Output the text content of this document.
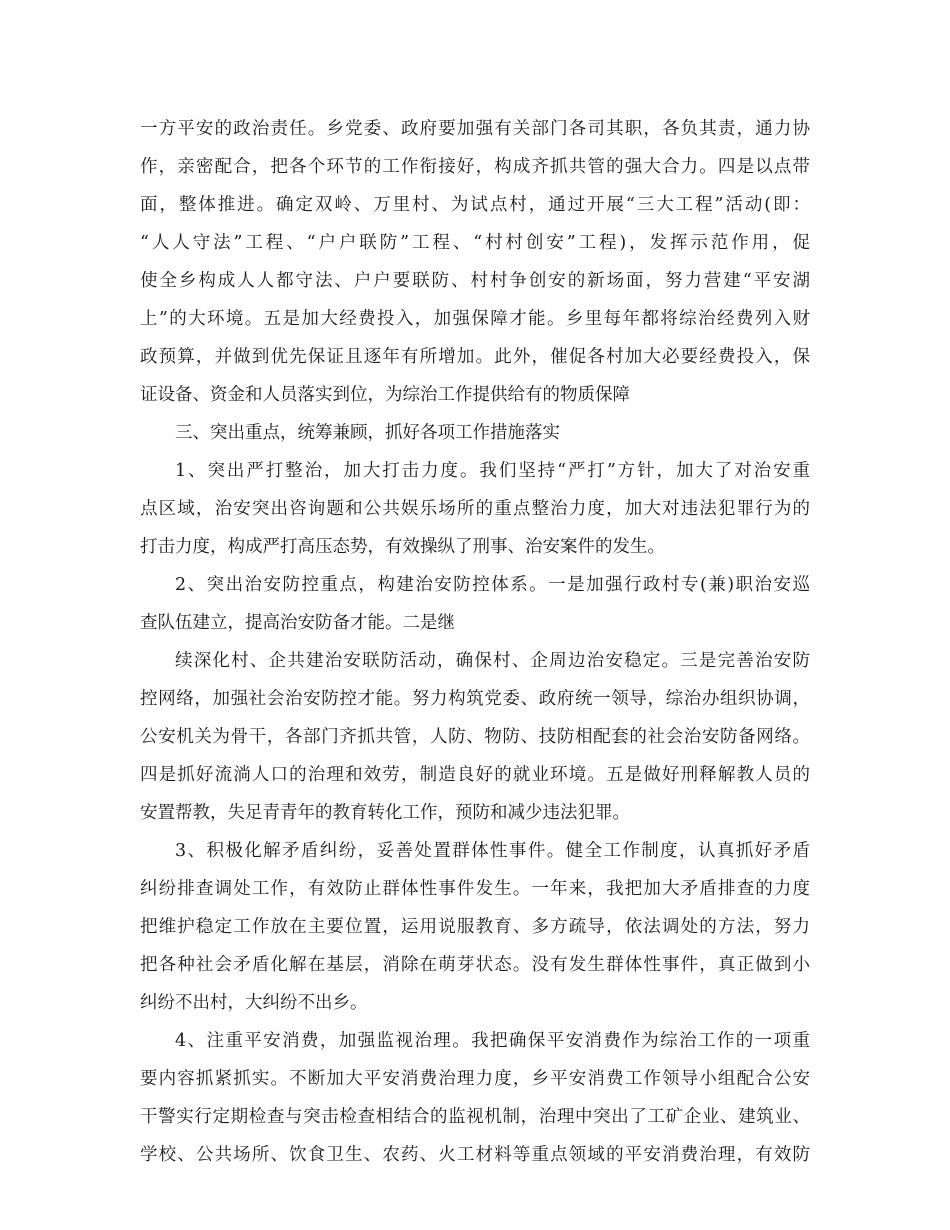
一方平安的政治责任。乡党委、政府要加强有关部门各司其职，各负其责，通力协
作，亲密配合，把各个环节的工作衔接好，构成齐抓共管的强大合力。四是以点带
面，整体推进。确定双岭、万里村、为试点村，通过开展“三大工程”活动(即：
“人人守法”工程、“户户联防”工程、“村村创安”工程)，发挥示范作用，促
使全乡构成人人都守法、户户要联防、村村争创安的新场面，努力营建“平安湖
上”的大环境。五是加大经费投入，加强保障才能。乡里每年都将综治经费列入财
政预算，并做到优先保证且逐年有所增加。此外，催促各村加大必要经费投入，保
证设备、资金和人员落实到位，为综治工作提供给有的物质保障
三、突出重点，统筹兼顾，抓好各项工作措施落实
1、突出严打整治，加大打击力度。我们坚持“严打”方针，加大了对治安重
点区域，治安突出咨询题和公共娱乐场所的重点整治力度，加大对违法犯罪行为的
打击力度，构成严打高压态势，有效操纵了刑事、治安案件的发生。
2、突出治安防控重点，构建治安防控体系。一是加强行政村专(兼)职治安巡
查队伍建立，提高治安防备才能。二是继
续深化村、企共建治安联防活动，确保村、企周边治安稳定。三是完善治安防
控网络，加强社会治安防控才能。努力构筑党委、政府统一领导，综治办组织协调，
公安机关为骨干，各部门齐抓共管，人防、物防、技防相配套的社会治安防备网络。
四是抓好流淌人口的治理和效劳，制造良好的就业环境。五是做好刑释解教人员的
安置帮教，失足青青年的教育转化工作，预防和减少违法犯罪。
3、积极化解矛盾纠纷，妥善处置群体性事件。健全工作制度，认真抓好矛盾
纠纷排查调处工作，有效防止群体性事件发生。一年来，我把加大矛盾排查的力度
把维护稳定工作放在主要位置，运用说服教育、多方疏导，依法调处的方法，努力
把各种社会矛盾化解在基层，消除在萌芽状态。没有发生群体性事件，真正做到小
纠纷不出村，大纠纷不出乡。
4、注重平安消费，加强监视治理。我把确保平安消费作为综治工作的一项重
要内容抓紧抓实。不断加大平安消费治理力度，乡平安消费工作领导小组配合公安
干警实行定期检查与突击检查相结合的监视机制，治理中突出了工矿企业、建筑业、
学校、公共场所、饮食卫生、农药、火工材料等重点领域的平安消费治理，有效防
